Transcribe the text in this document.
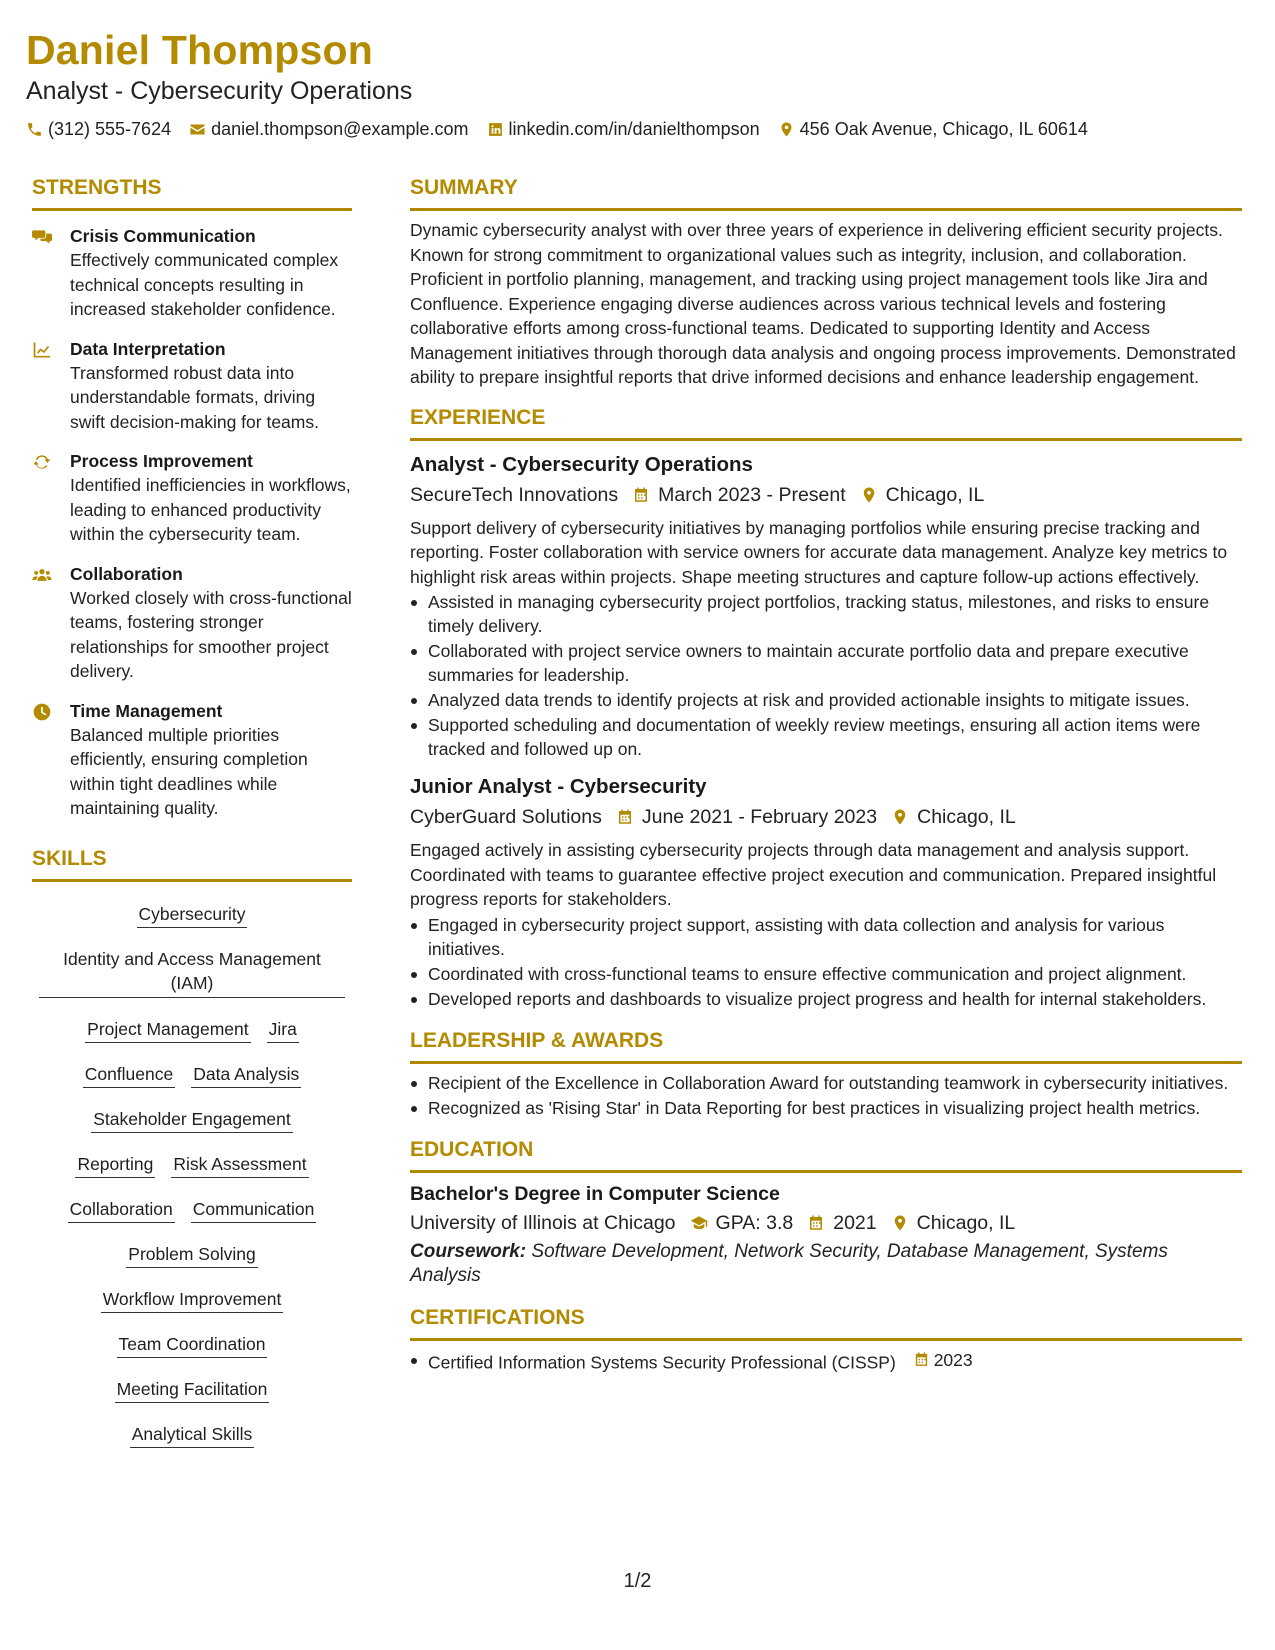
Daniel Thompson
Analyst - Cybersecurity Operations
(312) 555-7624 daniel.thompson@example.com linkedin.com/in/danielthompson 456 Oak Avenue, Chicago, IL 60614
STRENGTHS
Crisis Communication
Effectively communicated complex technical concepts resulting in increased stakeholder confidence.
Data Interpretation
Transformed robust data into understandable formats, driving swift decision-making for teams.
Process Improvement
Identified inefficiencies in workflows, leading to enhanced productivity within the cybersecurity team.
Collaboration
Worked closely with cross-functional teams, fostering stronger relationships for smoother project delivery.
Time Management
Balanced multiple priorities efficiently, ensuring completion within tight deadlines while maintaining quality.
SKILLS
Cybersecurity
Identity and Access Management (IAM)
Project Management Jira
Confluence Data Analysis
Stakeholder Engagement
Reporting Risk Assessment
Collaboration Communication
Problem Solving
Workflow Improvement
Team Coordination
Meeting Facilitation
Analytical Skills
SUMMARY
Dynamic cybersecurity analyst with over three years of experience in delivering efficient security projects. Known for strong commitment to organizational values such as integrity, inclusion, and collaboration. Proficient in portfolio planning, management, and tracking using project management tools like Jira and Confluence. Experience engaging diverse audiences across various technical levels and fostering collaborative efforts among cross-functional teams. Dedicated to supporting Identity and Access Management initiatives through thorough data analysis and ongoing process improvements. Demonstrated ability to prepare insightful reports that drive informed decisions and enhance leadership engagement.
EXPERIENCE
Analyst - Cybersecurity Operations
SecureTech Innovations March 2023 - Present Chicago, IL
Support delivery of cybersecurity initiatives by managing portfolios while ensuring precise tracking and reporting. Foster collaboration with service owners for accurate data management. Analyze key metrics to highlight risk areas within projects. Shape meeting structures and capture follow-up actions effectively.
Assisted in managing cybersecurity project portfolios, tracking status, milestones, and risks to ensure timely delivery.
Collaborated with project service owners to maintain accurate portfolio data and prepare executive summaries for leadership.
Analyzed data trends to identify projects at risk and provided actionable insights to mitigate issues.
Supported scheduling and documentation of weekly review meetings, ensuring all action items were tracked and followed up on.
Junior Analyst - Cybersecurity
CyberGuard Solutions June 2021 - February 2023 Chicago, IL
Engaged actively in assisting cybersecurity projects through data management and analysis support. Coordinated with teams to guarantee effective project execution and communication. Prepared insightful progress reports for stakeholders.
Engaged in cybersecurity project support, assisting with data collection and analysis for various initiatives.
Coordinated with cross-functional teams to ensure effective communication and project alignment.
Developed reports and dashboards to visualize project progress and health for internal stakeholders.
LEADERSHIP & AWARDS
Recipient of the Excellence in Collaboration Award for outstanding teamwork in cybersecurity initiatives.
Recognized as 'Rising Star' in Data Reporting for best practices in visualizing project health metrics.
EDUCATION
Bachelor's Degree in Computer Science
University of Illinois at Chicago GPA: 3.8 2021 Chicago, IL
Coursework: Software Development, Network Security, Database Management, Systems Analysis
CERTIFICATIONS
Certified Information Systems Security Professional (CISSP) 2023
1/2
